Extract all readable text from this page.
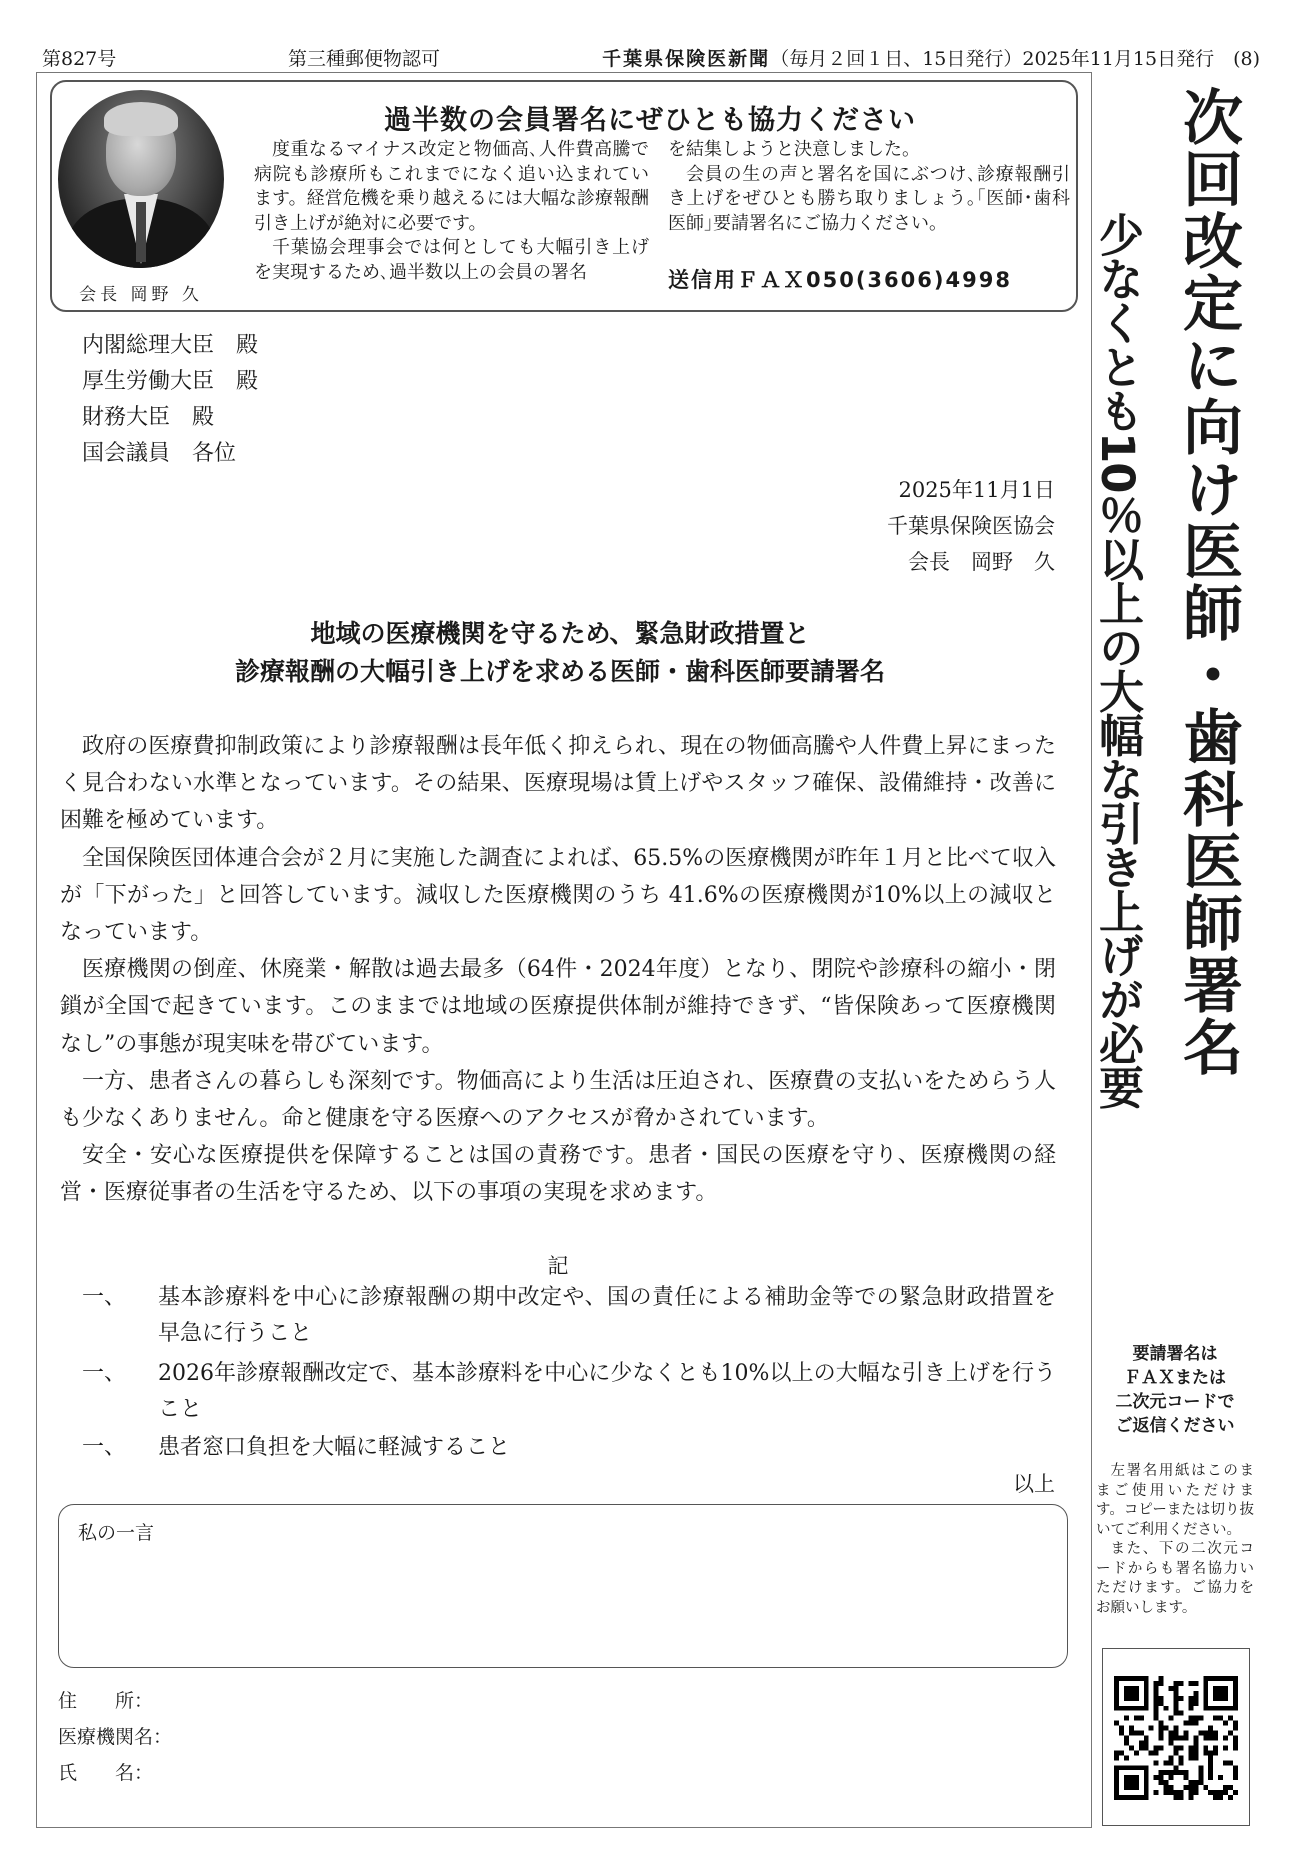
第827号	第三種郵便物認可	千葉県保険医新聞（毎月２回１日、15日発行）2025年11月15日発行　(8)
会長 岡野 久
過半数の会員署名にぜひとも協力ください

度重なるマイナス改定と物価高､人件費高騰で病院も診療所もこれまでになく追い込まれています。経営危機を乗り越えるには大幅な診療報酬引き上げが絶対に必要です。

千葉協会理事会では何としても大幅引き上げを実現するため､過半数以上の会員の署名

を結集しようと決意しました。

会員の生の声と署名を国にぶつけ､診療報酬引き上げをぜひとも勝ち取りましょう｡｢医師･歯科医師｣要請署名にご協力ください。

送信用ＦＡＸ050(3606)4998
内閣総理大臣　殿
厚生労働大臣　殿
財務大臣　殿
国会議員　各位
2025年11月1日
千葉県保険医協会
会長　岡野　久
地域の医療機関を守るため、緊急財政措置と
診療報酬の大幅引き上げを求める医師・歯科医師要請署名

政府の医療費抑制政策により診療報酬は長年低く抑えられ、現在の物価高騰や人件費上昇にまったく見合わない水準となっています。その結果、医療現場は賃上げやスタッフ確保、設備維持・改善に困難を極めています。

全国保険医団体連合会が２月に実施した調査によれば、65.5%の医療機関が昨年１月と比べて収入が「下がった」と回答しています。減収した医療機関のうち 41.6%の医療機関が10%以上の減収となっています。

医療機関の倒産、休廃業・解散は過去最多（64件・2024年度）となり、閉院や診療科の縮小・閉鎖が全国で起きています。このままでは地域の医療提供体制が維持できず、“皆保険あって医療機関なし”の事態が現実味を帯びています。

一方、患者さんの暮らしも深刻です。物価高により生活は圧迫され、医療費の支払いをためらう人も少なくありません。命と健康を守る医療へのアクセスが脅かされています。

安全・安心な医療提供を保障することは国の責務です。患者・国民の医療を守り、医療機関の経営・医療従事者の生活を守るため、以下の事項の実現を求めます。

記
一、 基本診療料を中心に診療報酬の期中改定や、国の責任による補助金等での緊急財政措置を早急に行うこと
一、 2026年診療報酬改定で、基本診療料を中心に少なくとも10%以上の大幅な引き上げを行うこと
一、 患者窓口負担を大幅に軽減すること
以上
私の一言
住　　所：
医療機関名：
氏　　名：
次回改定に向け医師・歯科医師署名
少なくとも10％以上の大幅な引き上げが必要
要請署名は
ＦＡＸまたは
二次元コードで
ご返信ください

左署名用紙はこのままご使用いただけます。コピーまたは切り抜いてご利用ください。

また、下の二次元コードからも署名協力いただけます。ご協力をお願いします。
